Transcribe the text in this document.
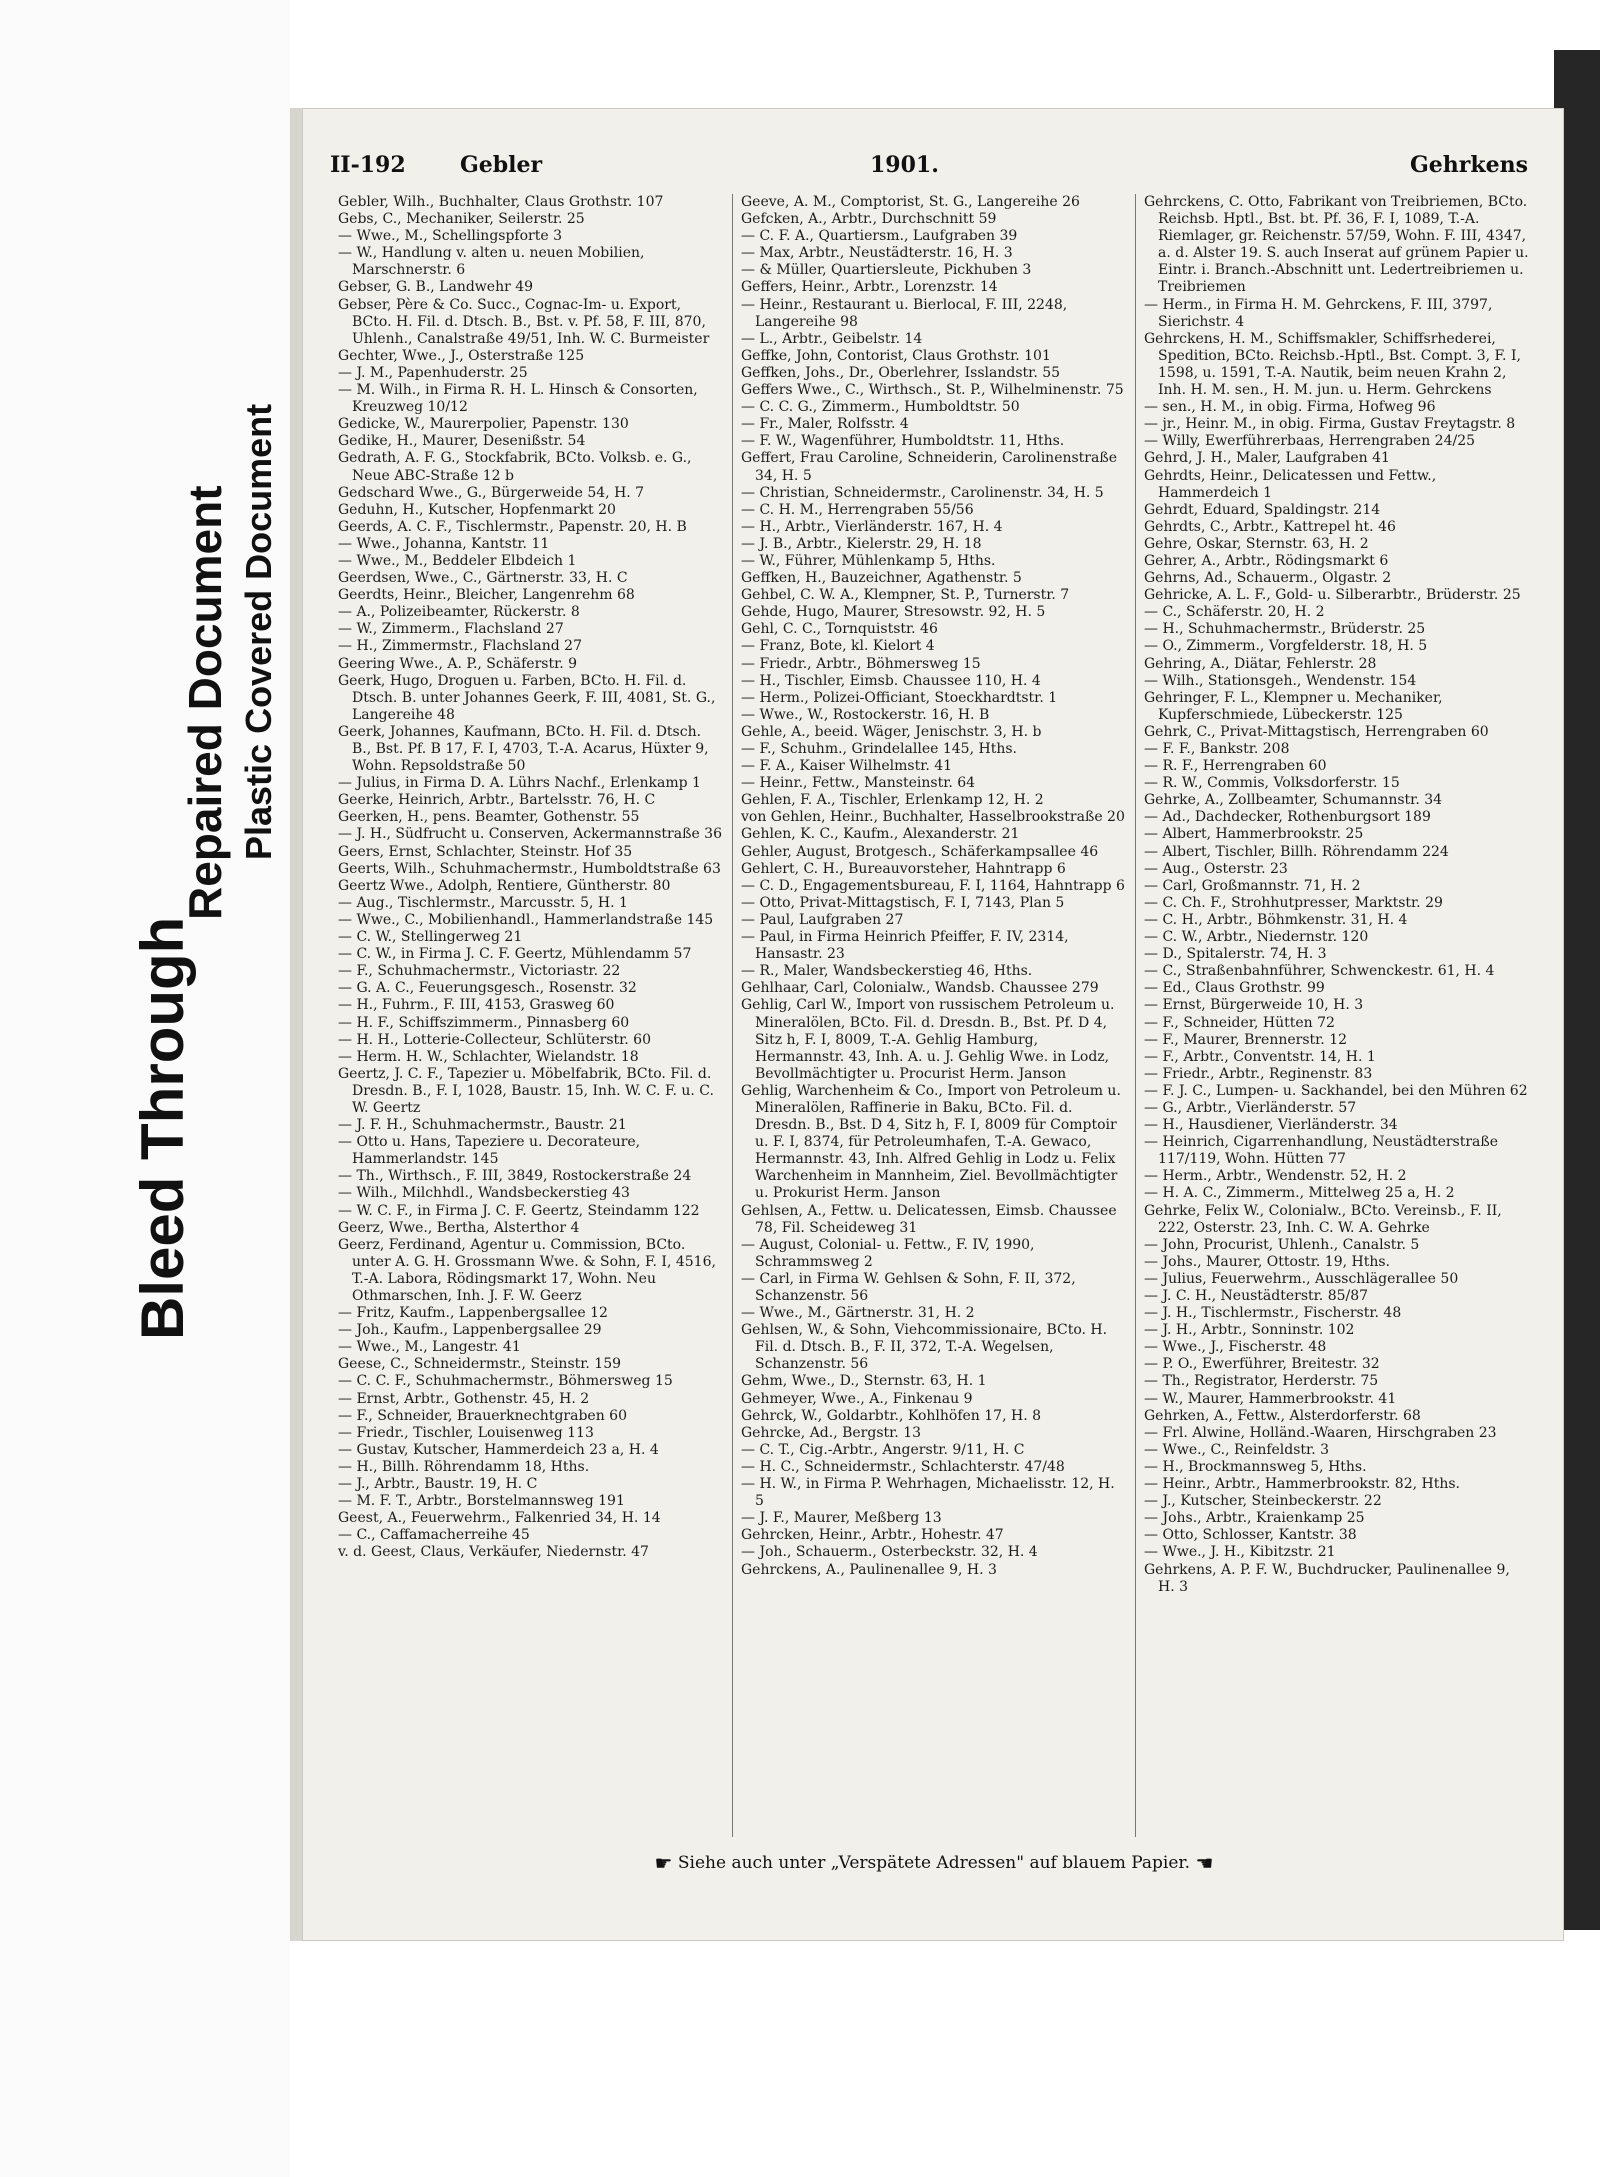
Bleed Through
Repaired Document Plastic Covered Document
II-192 Gebler	1901.	Gehrkens

Gebler, Wilh., Buchhalter, Claus Grothstr. 107

Gebs, C., Mechaniker, Seilerstr. 25

— Wwe., M., Schellingspforte 3

— W., Handlung v. alten u. neuen Mobilien, Marschnerstr. 6

Gebser, G. B., Landwehr 49

Gebser, Père & Co. Succ., Cognac-Im- u. Export, BCto. H. Fil. d. Dtsch. B., Bst. v. Pf. 58, F. III, 870, Uhlenh., Canalstraße 49/51, Inh. W. C. Burmeister

Gechter, Wwe., J., Osterstraße 125

— J. M., Papenhuderstr. 25

— M. Wilh., in Firma R. H. L. Hinsch & Consorten, Kreuzweg 10/12

Gedicke, W., Maurerpolier, Papenstr. 130

Gedike, H., Maurer, Desenißstr. 54

Gedrath, A. F. G., Stockfabrik, BCto. Volksb. e. G., Neue ABC-Straße 12 b

Gedschard Wwe., G., Bürgerweide 54, H. 7

Geduhn, H., Kutscher, Hopfenmarkt 20

Geerds, A. C. F., Tischlermstr., Papenstr. 20, H. B

— Wwe., Johanna, Kantstr. 11

— Wwe., M., Beddeler Elbdeich 1

Geerdsen, Wwe., C., Gärtnerstr. 33, H. C

Geerdts, Heinr., Bleicher, Langenrehm 68

— A., Polizeibeamter, Rückerstr. 8

— W., Zimmerm., Flachsland 27

— H., Zimmermstr., Flachsland 27

Geering Wwe., A. P., Schäferstr. 9

Geerk, Hugo, Droguen u. Farben, BCto. H. Fil. d. Dtsch. B. unter Johannes Geerk, F. III, 4081, St. G., Langereihe 48

Geerk, Johannes, Kaufmann, BCto. H. Fil. d. Dtsch. B., Bst. Pf. B 17, F. I, 4703, T.-A. Acarus, Hüxter 9, Wohn. Repsoldstraße 50

— Julius, in Firma D. A. Lührs Nachf., Erlenkamp 1

Geerke, Heinrich, Arbtr., Bartelsstr. 76, H. C

Geerken, H., pens. Beamter, Gothenstr. 55

— J. H., Südfrucht u. Conserven, Ackermannstraße 36

Geers, Ernst, Schlachter, Steinstr. Hof 35

Geerts, Wilh., Schuhmachermstr., Humboldtstraße 63

Geertz Wwe., Adolph, Rentiere, Güntherstr. 80

— Aug., Tischlermstr., Marcusstr. 5, H. 1

— Wwe., C., Mobilienhandl., Hammerlandstraße 145

— C. W., Stellingerweg 21

— C. W., in Firma J. C. F. Geertz, Mühlendamm 57

— F., Schuhmachermstr., Victoriastr. 22

— G. A. C., Feuerungsgesch., Rosenstr. 32

— H., Fuhrm., F. III, 4153, Grasweg 60

— H. F., Schiffszimmerm., Pinnasberg 60

— H. H., Lotterie-Collecteur, Schlüterstr. 60

— Herm. H. W., Schlachter, Wielandstr. 18

Geertz, J. C. F., Tapezier u. Möbelfabrik, BCto. Fil. d. Dresdn. B., F. I, 1028, Baustr. 15, Inh. W. C. F. u. C. W. Geertz

— J. F. H., Schuhmachermstr., Baustr. 21

— Otto u. Hans, Tapeziere u. Decorateure, Hammerlandstr. 145

— Th., Wirthsch., F. III, 3849, Rostockerstraße 24

— Wilh., Milchhdl., Wandsbeckerstieg 43

— W. C. F., in Firma J. C. F. Geertz, Steindamm 122

Geerz, Wwe., Bertha, Alsterthor 4

Geerz, Ferdinand, Agentur u. Commission, BCto. unter A. G. H. Grossmann Wwe. & Sohn, F. I, 4516, T.-A. Labora, Rödingsmarkt 17, Wohn. Neu Othmarschen, Inh. J. F. W. Geerz

— Fritz, Kaufm., Lappenbergsallee 12

— Joh., Kaufm., Lappenbergsallee 29

— Wwe., M., Langestr. 41

Geese, C., Schneidermstr., Steinstr. 159

— C. C. F., Schuhmachermstr., Böhmersweg 15

— Ernst, Arbtr., Gothenstr. 45, H. 2

— F., Schneider, Brauerknechtgraben 60

— Friedr., Tischler, Louisenweg 113

— Gustav, Kutscher, Hammerdeich 23 a, H. 4

— H., Billh. Röhrendamm 18, Hths.

— J., Arbtr., Baustr. 19, H. C

— M. F. T., Arbtr., Borstelmannsweg 191

Geest, A., Feuerwehrm., Falkenried 34, H. 14

— C., Caffamacherreihe 45

v. d. Geest, Claus, Verkäufer, Niedernstr. 47

Geeve, A. M., Comptorist, St. G., Langereihe 26

Gefcken, A., Arbtr., Durchschnitt 59

— C. F. A., Quartiersm., Laufgraben 39

— Max, Arbtr., Neustädterstr. 16, H. 3

— & Müller, Quartiersleute, Pickhuben 3

Geffers, Heinr., Arbtr., Lorenzstr. 14

— Heinr., Restaurant u. Bierlocal, F. III, 2248, Langereihe 98

— L., Arbtr., Geibelstr. 14

Geffke, John, Contorist, Claus Grothstr. 101

Geffken, Johs., Dr., Oberlehrer, Isslandstr. 55

Geffers Wwe., C., Wirthsch., St. P., Wilhelminenstr. 75

— C. C. G., Zimmerm., Humboldtstr. 50

— Fr., Maler, Rolfsstr. 4

— F. W., Wagenführer, Humboldtstr. 11, Hths.

Geffert, Frau Caroline, Schneiderin, Carolinenstraße 34, H. 5

— Christian, Schneidermstr., Carolinenstr. 34, H. 5

— C. H. M., Herrengraben 55/56

— H., Arbtr., Vierländerstr. 167, H. 4

— J. B., Arbtr., Kielerstr. 29, H. 18

— W., Führer, Mühlenkamp 5, Hths.

Geffken, H., Bauzeichner, Agathenstr. 5

Gehbel, C. W. A., Klempner, St. P., Turnerstr. 7

Gehde, Hugo, Maurer, Stresowstr. 92, H. 5

Gehl, C. C., Tornquiststr. 46

— Franz, Bote, kl. Kielort 4

— Friedr., Arbtr., Böhmersweg 15

— H., Tischler, Eimsb. Chaussee 110, H. 4

— Herm., Polizei-Officiant, Stoeckhardtstr. 1

— Wwe., W., Rostockerstr. 16, H. B

Gehle, A., beeid. Wäger, Jenischstr. 3, H. b

— F., Schuhm., Grindelallee 145, Hths.

— F. A., Kaiser Wilhelmstr. 41

— Heinr., Fettw., Mansteinstr. 64

Gehlen, F. A., Tischler, Erlenkamp 12, H. 2

von Gehlen, Heinr., Buchhalter, Hasselbrookstraße 20

Gehlen, K. C., Kaufm., Alexanderstr. 21

Gehler, August, Brotgesch., Schäferkampsallee 46

Gehlert, C. H., Bureauvorsteher, Hahntrapp 6

— C. D., Engagementsbureau, F. I, 1164, Hahntrapp 6

— Otto, Privat-Mittagstisch, F. I, 7143, Plan 5

— Paul, Laufgraben 27

— Paul, in Firma Heinrich Pfeiffer, F. IV, 2314, Hansastr. 23

— R., Maler, Wandsbeckerstieg 46, Hths.

Gehlhaar, Carl, Colonialw., Wandsb. Chaussee 279

Gehlig, Carl W., Import von russischem Petroleum u. Mineralölen, BCto. Fil. d. Dresdn. B., Bst. Pf. D 4, Sitz h, F. I, 8009, T.-A. Gehlig Hamburg, Hermannstr. 43, Inh. A. u. J. Gehlig Wwe. in Lodz, Bevollmächtigter u. Procurist Herm. Janson

Gehlig, Warchenheim & Co., Import von Petroleum u. Mineralölen, Raffinerie in Baku, BCto. Fil. d. Dresdn. B., Bst. D 4, Sitz h, F. I, 8009 für Comptoir u. F. I, 8374, für Petroleumhafen, T.-A. Gewaco, Hermannstr. 43, Inh. Alfred Gehlig in Lodz u. Felix Warchenheim in Mannheim, Ziel. Bevollmächtigter u. Prokurist Herm. Janson

Gehlsen, A., Fettw. u. Delicatessen, Eimsb. Chaussee 78, Fil. Scheideweg 31

— August, Colonial- u. Fettw., F. IV, 1990, Schrammsweg 2

— Carl, in Firma W. Gehlsen & Sohn, F. II, 372, Schanzenstr. 56

— Wwe., M., Gärtnerstr. 31, H. 2

Gehlsen, W., & Sohn, Viehcommissionaire, BCto. H. Fil. d. Dtsch. B., F. II, 372, T.-A. Wegelsen, Schanzenstr. 56

Gehm, Wwe., D., Sternstr. 63, H. 1

Gehmeyer, Wwe., A., Finkenau 9

Gehrck, W., Goldarbtr., Kohlhöfen 17, H. 8

Gehrcke, Ad., Bergstr. 13

— C. T., Cig.-Arbtr., Angerstr. 9/11, H. C

— H. C., Schneidermstr., Schlachterstr. 47/48

— H. W., in Firma P. Wehrhagen, Michaelisstr. 12, H. 5

— J. F., Maurer, Meßberg 13

Gehrcken, Heinr., Arbtr., Hohestr. 47

— Joh., Schauerm., Osterbeckstr. 32, H. 4

Gehrckens, A., Paulinenallee 9, H. 3

Gehrckens, C. Otto, Fabrikant von Treibriemen, BCto. Reichsb. Hptl., Bst. bt. Pf. 36, F. I, 1089, T.-A. Riemlager, gr. Reichenstr. 57/59, Wohn. F. III, 4347, a. d. Alster 19. S. auch Inserat auf grünem Papier u. Eintr. i. Branch.-Abschnitt unt. Ledertreibriemen u. Treibriemen

— Herm., in Firma H. M. Gehrckens, F. III, 3797, Sierichstr. 4

Gehrckens, H. M., Schiffsmakler, Schiffsrhederei, Spedition, BCto. Reichsb.-Hptl., Bst. Compt. 3, F. I, 1598, u. 1591, T.-A. Nautik, beim neuen Krahn 2, Inh. H. M. sen., H. M. jun. u. Herm. Gehrckens

— sen., H. M., in obig. Firma, Hofweg 96

— jr., Heinr. M., in obig. Firma, Gustav Freytagstr. 8

— Willy, Ewerführerbaas, Herrengraben 24/25

Gehrd, J. H., Maler, Laufgraben 41

Gehrdts, Heinr., Delicatessen und Fettw., Hammerdeich 1

Gehrdt, Eduard, Spaldingstr. 214

Gehrdts, C., Arbtr., Kattrepel ht. 46

Gehre, Oskar, Sternstr. 63, H. 2

Gehrer, A., Arbtr., Rödingsmarkt 6

Gehrns, Ad., Schauerm., Olgastr. 2

Gehricke, A. L. F., Gold- u. Silberarbtr., Brüderstr. 25

— C., Schäferstr. 20, H. 2

— H., Schuhmachermstr., Brüderstr. 25

— O., Zimmerm., Vorgfelderstr. 18, H. 5

Gehring, A., Diätar, Fehlerstr. 28

— Wilh., Stationsgeh., Wendenstr. 154

Gehringer, F. L., Klempner u. Mechaniker, Kupferschmiede, Lübeckerstr. 125

Gehrk, C., Privat-Mittagstisch, Herrengraben 60

— F. F., Bankstr. 208

— R. F., Herrengraben 60

— R. W., Commis, Volksdorferstr. 15

Gehrke, A., Zollbeamter, Schumannstr. 34

— Ad., Dachdecker, Rothenburgsort 189

— Albert, Hammerbrookstr. 25

— Albert, Tischler, Billh. Röhrendamm 224

— Aug., Osterstr. 23

— Carl, Großmannstr. 71, H. 2

— C. Ch. F., Strohhutpresser, Marktstr. 29

— C. H., Arbtr., Böhmkenstr. 31, H. 4

— C. W., Arbtr., Niedernstr. 120

— D., Spitalerstr. 74, H. 3

— C., Straßenbahnführer, Schwenckestr. 61, H. 4

— Ed., Claus Grothstr. 99

— Ernst, Bürgerweide 10, H. 3

— F., Schneider, Hütten 72

— F., Maurer, Brennerstr. 12

— F., Arbtr., Conventstr. 14, H. 1

— Friedr., Arbtr., Reginenstr. 83

— F. J. C., Lumpen- u. Sackhandel, bei den Mühren 62

— G., Arbtr., Vierländerstr. 57

— H., Hausdiener, Vierländerstr. 34

— Heinrich, Cigarrenhandlung, Neustädterstraße 117/119, Wohn. Hütten 77

— Herm., Arbtr., Wendenstr. 52, H. 2

— H. A. C., Zimmerm., Mittelweg 25 a, H. 2

Gehrke, Felix W., Colonialw., BCto. Vereinsb., F. II, 222, Osterstr. 23, Inh. C. W. A. Gehrke

— John, Procurist, Uhlenh., Canalstr. 5

— Johs., Maurer, Ottostr. 19, Hths.

— Julius, Feuerwehrm., Ausschlägerallee 50

— J. C. H., Neustädterstr. 85/87

— J. H., Tischlermstr., Fischerstr. 48

— J. H., Arbtr., Sonninstr. 102

— Wwe., J., Fischerstr. 48

— P. O., Ewerführer, Breitestr. 32

— Th., Registrator, Herderstr. 75

— W., Maurer, Hammerbrookstr. 41

Gehrken, A., Fettw., Alsterdorferstr. 68

— Frl. Alwine, Holländ.-Waaren, Hirschgraben 23

— Wwe., C., Reinfeldstr. 3

— H., Brockmannsweg 5, Hths.

— Heinr., Arbtr., Hammerbrookstr. 82, Hths.

— J., Kutscher, Steinbeckerstr. 22

— Johs., Arbtr., Kraienkamp 25

— Otto, Schlosser, Kantstr. 38

— Wwe., J. H., Kibitzstr. 21

Gehrkens, A. P. F. W., Buchdrucker, Paulinenallee 9, H. 3

☛ Siehe auch unter „Verspätete Adressen" auf blauem Papier. ☚
